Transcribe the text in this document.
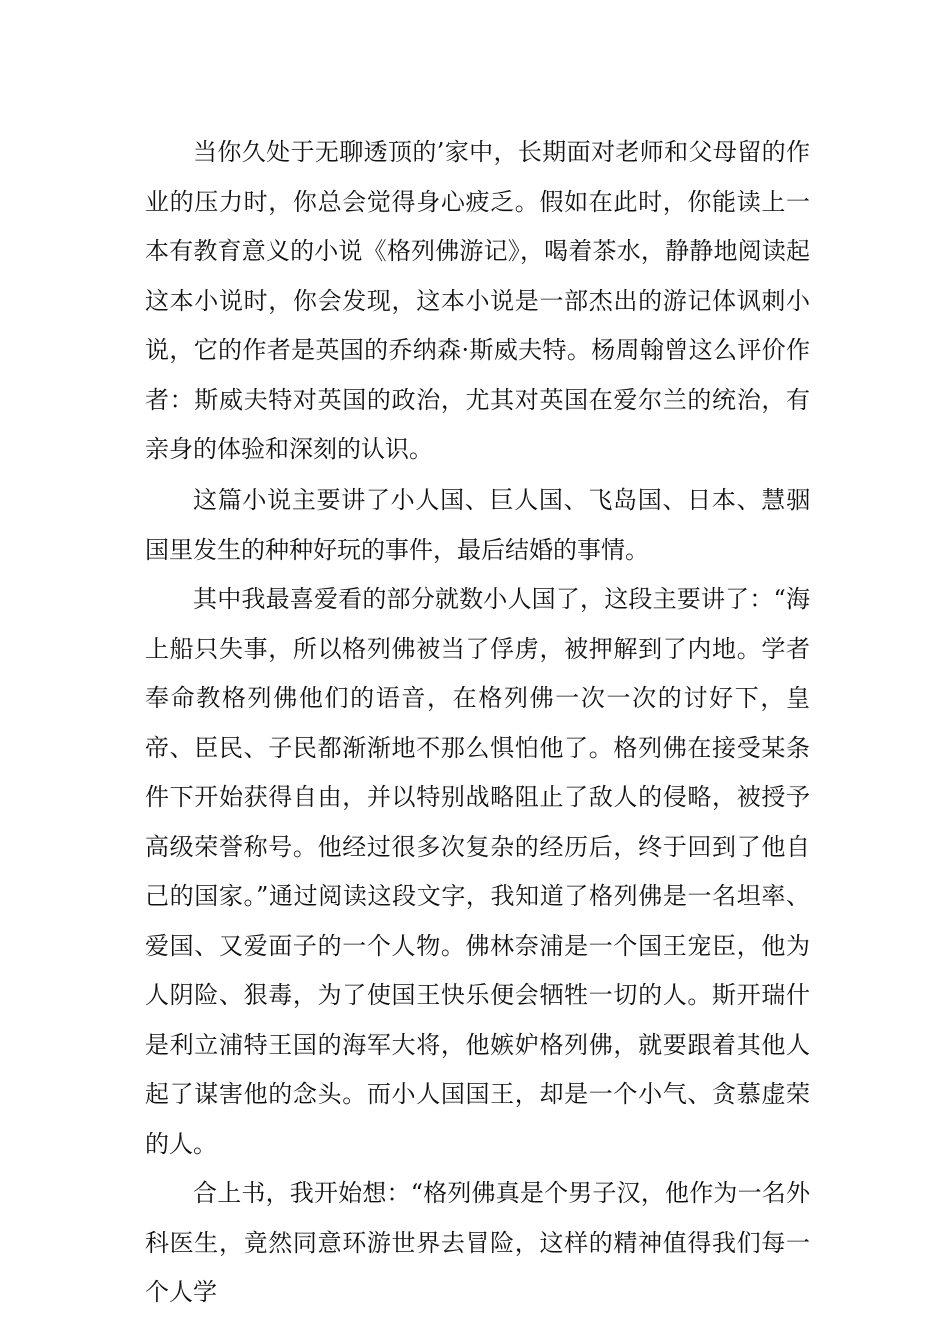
当你久处于无聊透顶的’家中，长期面对老师和父母留的作业的压力时，你总会觉得身心疲乏。假如在此时，你能读上一本有教育意义的小说《格列佛游记》，喝着茶水，静静地阅读起这本小说时，你会发现，这本小说是一部杰出的游记体讽刺小说，它的作者是英国的乔纳森·斯威夫特。杨周翰曾这么评价作者：斯威夫特对英国的政治，尤其对英国在爱尔兰的统治，有亲身的体验和深刻的认识。

这篇小说主要讲了小人国、巨人国、飞岛国、日本、慧骃国里发生的种种好玩的事件，最后结婚的事情。

其中我最喜爱看的部分就数小人国了，这段主要讲了：“海上船只失事，所以格列佛被当了俘虏，被押解到了内地。学者奉命教格列佛他们的语音，在格列佛一次一次的讨好下，皇帝、臣民、子民都渐渐地不那么惧怕他了。格列佛在接受某条件下开始获得自由，并以特别战略阻止了敌人的侵略，被授予高级荣誉称号。他经过很多次复杂的经历后，终于回到了他自己的国家。”通过阅读这段文字，我知道了格列佛是一名坦率、爱国、又爱面子的一个人物。佛林奈浦是一个国王宠臣，他为人阴险、狠毒，为了使国王快乐便会牺牲一切的人。斯开瑞什是利立浦特王国的海军大将，他嫉妒格列佛，就要跟着其他人起了谋害他的念头。而小人国国王，却是一个小气、贪慕虚荣的人。

合上书，我开始想：“格列佛真是个男子汉，他作为一名外科医生，竟然同意环游世界去冒险，这样的精神值得我们每一个人学
